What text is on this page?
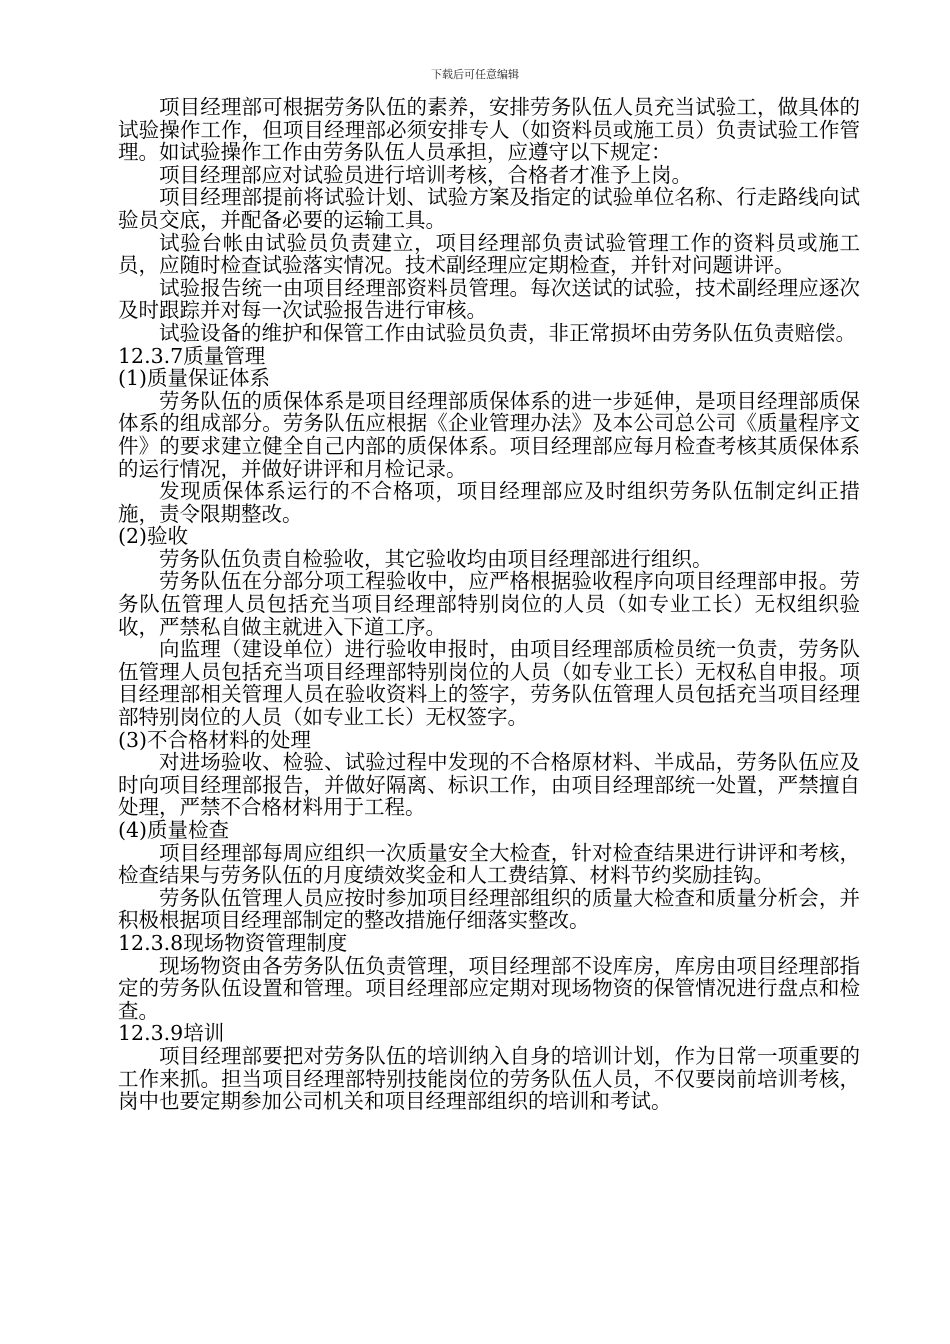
下载后可任意编辑

项目经理部可根据劳务队伍的素养，安排劳务队伍人员充当试验工，做具体的试验操作工作，但项目经理部必须安排专人（如资料员或施工员）负责试验工作管理。如试验操作工作由劳务队伍人员承担，应遵守以下规定：

项目经理部应对试验员进行培训考核，合格者才准予上岗。

项目经理部提前将试验计划、试验方案及指定的试验单位名称、行走路线向试验员交底，并配备必要的运输工具。

试验台帐由试验员负责建立，项目经理部负责试验管理工作的资料员或施工员，应随时检查试验落实情况。技术副经理应定期检查，并针对问题讲评。

试验报告统一由项目经理部资料员管理。每次送试的试验，技术副经理应逐次及时跟踪并对每一次试验报告进行审核。

试验设备的维护和保管工作由试验员负责，非正常损坏由劳务队伍负责赔偿。

12.3.7质量管理

(1)质量保证体系

劳务队伍的质保体系是项目经理部质保体系的进一步延伸，是项目经理部质保体系的组成部分。劳务队伍应根据《企业管理办法》及本公司总公司《质量程序文件》的要求建立健全自己内部的质保体系。项目经理部应每月检查考核其质保体系的运行情况，并做好讲评和月检记录。

发现质保体系运行的不合格项，项目经理部应及时组织劳务队伍制定纠正措施，责令限期整改。

(2)验收

劳务队伍负责自检验收，其它验收均由项目经理部进行组织。

劳务队伍在分部分项工程验收中，应严格根据验收程序向项目经理部申报。劳务队伍管理人员包括充当项目经理部特别岗位的人员（如专业工长）无权组织验收，严禁私自做主就进入下道工序。

向监理（建设单位）进行验收申报时，由项目经理部质检员统一负责，劳务队伍管理人员包括充当项目经理部特别岗位的人员（如专业工长）无权私自申报。项目经理部相关管理人员在验收资料上的签字，劳务队伍管理人员包括充当项目经理部特别岗位的人员（如专业工长）无权签字。

(3)不合格材料的处理

对进场验收、检验、试验过程中发现的不合格原材料、半成品，劳务队伍应及时向项目经理部报告，并做好隔离、标识工作，由项目经理部统一处置，严禁擅自处理，严禁不合格材料用于工程。

(4)质量检查

项目经理部每周应组织一次质量安全大检查，针对检查结果进行讲评和考核，检查结果与劳务队伍的月度绩效奖金和人工费结算、材料节约奖励挂钩。

劳务队伍管理人员应按时参加项目经理部组织的质量大检查和质量分析会，并积极根据项目经理部制定的整改措施仔细落实整改。

12.3.8现场物资管理制度

现场物资由各劳务队伍负责管理，项目经理部不设库房，库房由项目经理部指定的劳务队伍设置和管理。项目经理部应定期对现场物资的保管情况进行盘点和检查。

12.3.9培训

项目经理部要把对劳务队伍的培训纳入自身的培训计划，作为日常一项重要的工作来抓。担当项目经理部特别技能岗位的劳务队伍人员，不仅要岗前培训考核，岗中也要定期参加公司机关和项目经理部组织的培训和考试。
